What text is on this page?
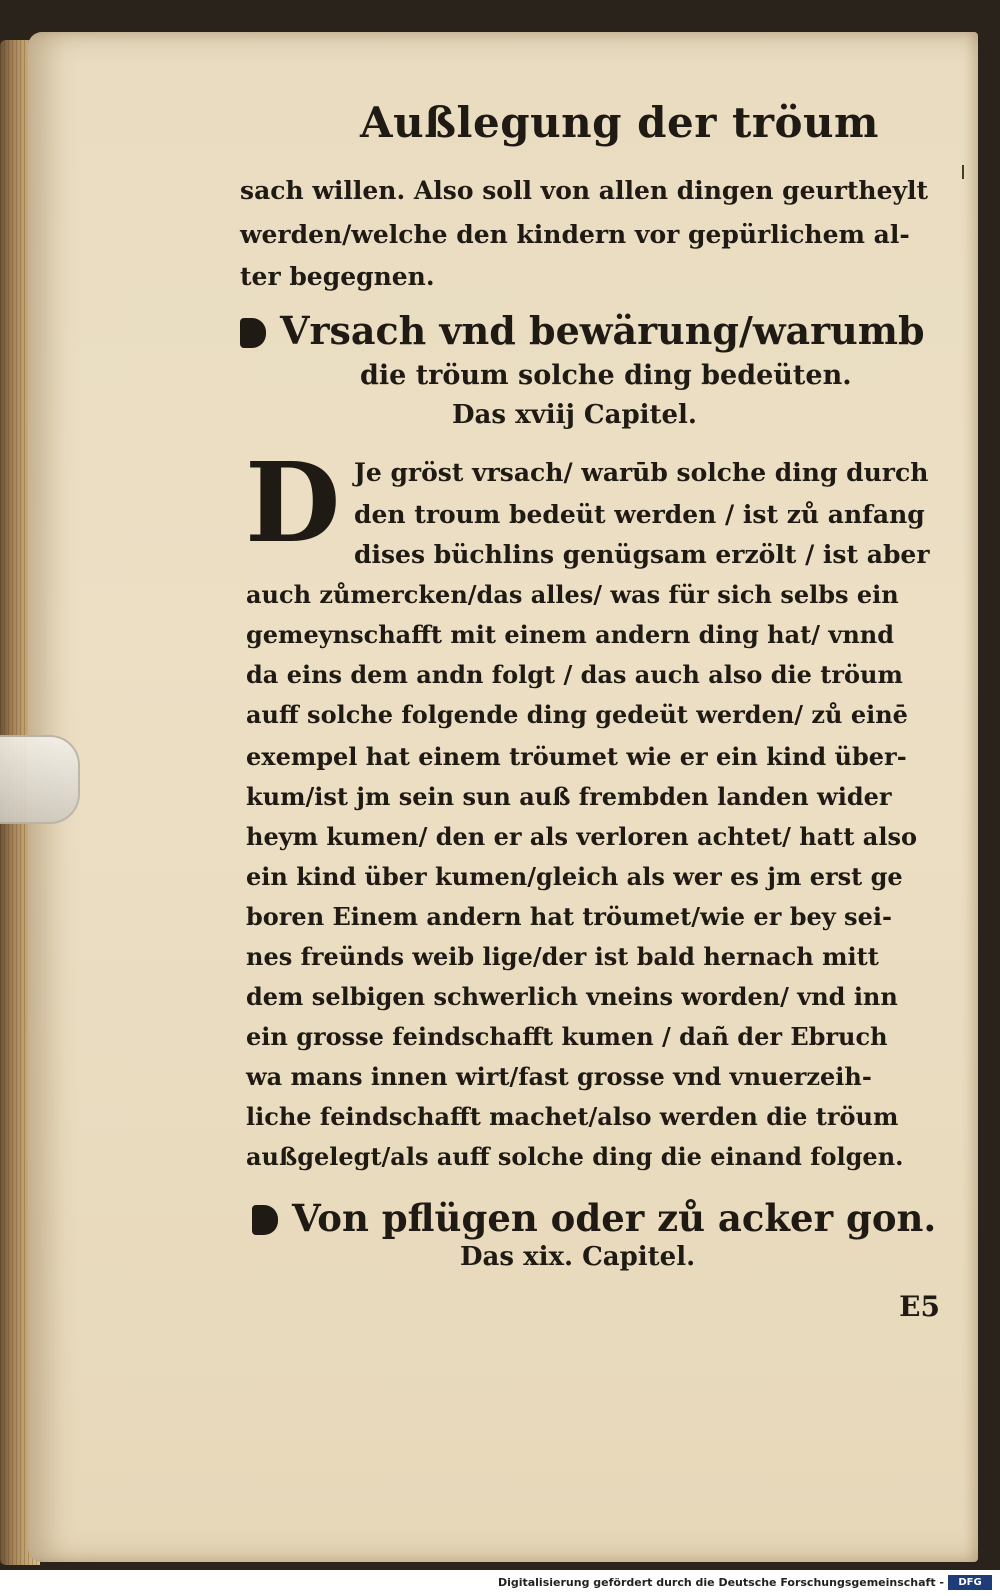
Außlegung der tröum
sach willen. Also soll von allen dingen geurtheylt
werden/welche den kindern vor gepürlichem al-
ter begegnen.
Vrsach vnd bewärung/warumb
die tröum solche ding bedeüten.
Das xviij Capitel.
D Je gröst vrsach/ warūb solche ding durch
den troum bedeüt werden / ist zů anfang
dises büchlins genügsam erzölt / ist aber
auch zůmercken/das alles/ was für sich selbs ein
gemeynschafft mit einem andern ding hat/ vnnd
da eins dem andn folgt / das auch also die tröum
auff solche folgende ding gedeüt werden/ zů einē
exempel hat einem tröumet wie er ein kind über-
kum/ist jm sein sun auß frembden landen wider
heym kumen/ den er als verloren achtet/ hatt also
ein kind über kumen/gleich als wer es jm erst ge
boren Einem andern hat tröumet/wie er bey sei-
nes freünds weib lige/der ist bald hernach mitt
dem selbigen schwerlich vneins worden/ vnd inn
ein grosse feindschafft kumen / dañ der Ebruch
wa mans innen wirt/fast grosse vnd vnuerzeih-
liche feindschafft machet/also werden die tröum
außgelegt/als auff solche ding die einand folgen.
Von pflügen oder zů acker gon.
Das xix. Capitel.
E5
Digitalisierung gefördert durch die Deutsche Forschungsgemeinschaft -	DFG
